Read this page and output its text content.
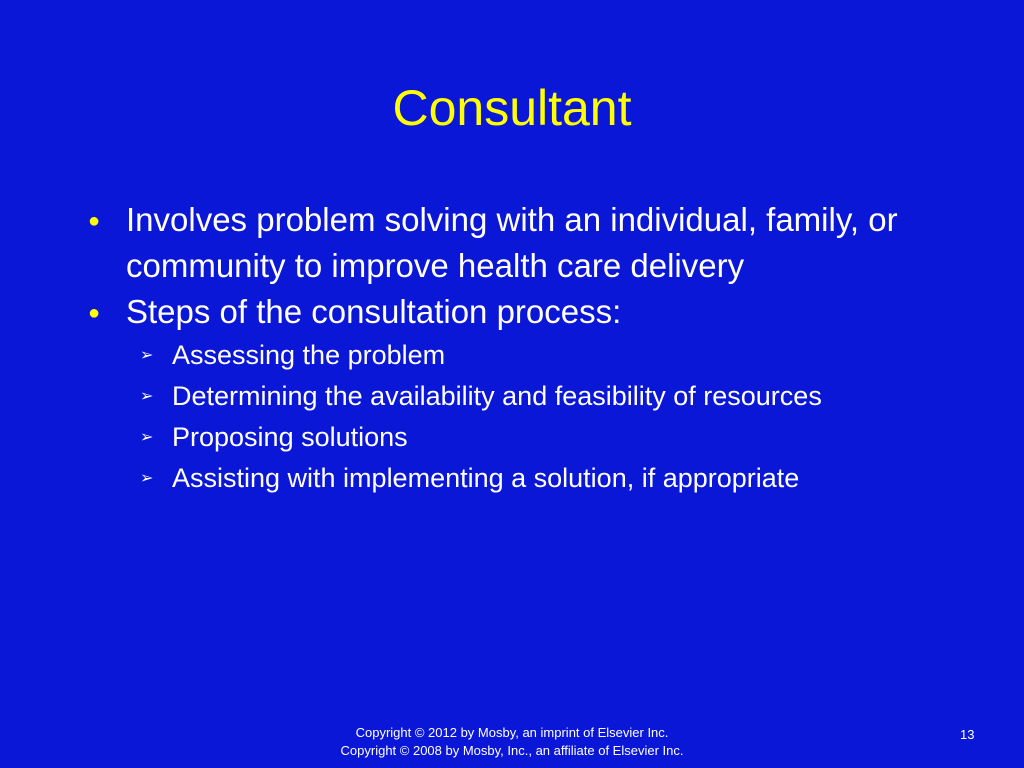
Consultant
● Involves problem solving with an individual, family, or community to improve health care delivery
● Steps of the consultation process:
➢ Assessing the problem
➢ Determining the availability and feasibility of resources
➢ Proposing solutions
➢ Assisting with implementing a solution, if appropriate
Copyright © 2012 by Mosby, an imprint of Elsevier Inc.
Copyright © 2008 by Mosby, Inc., an affiliate of Elsevier Inc.
13
